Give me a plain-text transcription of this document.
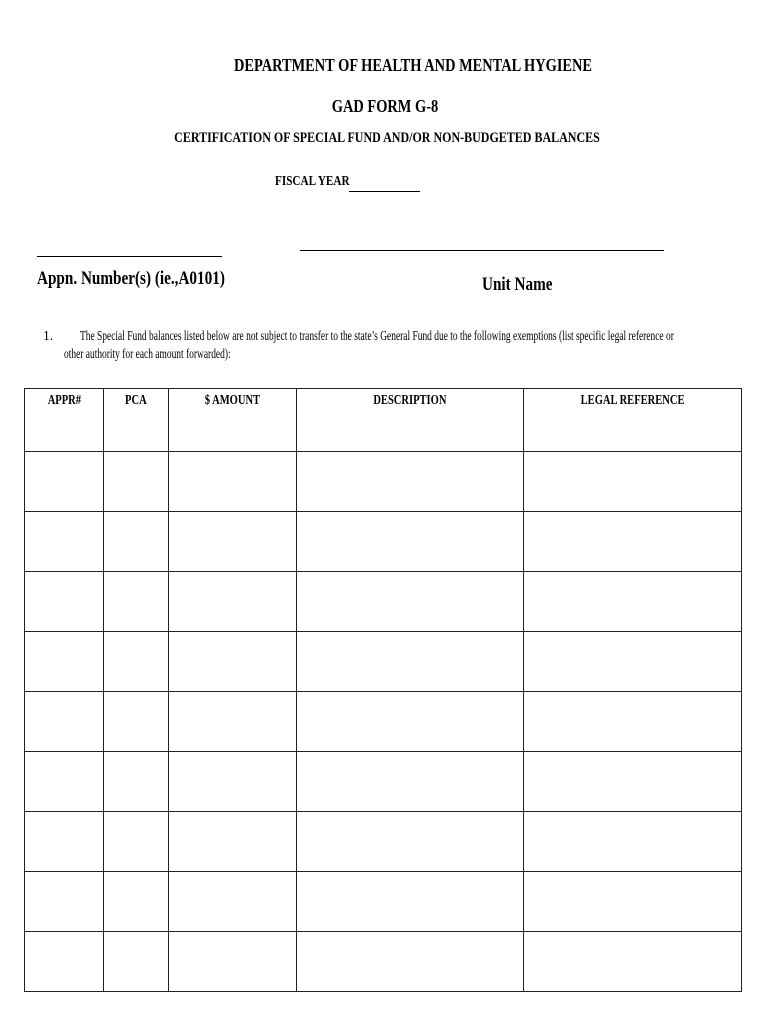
DEPARTMENT OF HEALTH AND MENTAL HYGIENE
GAD FORM G-8
CERTIFICATION OF SPECIAL FUND AND/OR NON-BUDGETED BALANCES
FISCAL YEAR
Appn. Number(s) (ie.,A0101)	Unit Name
1. The Special Fund balances listed below are not subject to transfer to the state’s General Fund due to the following exemptions (list specific legal reference or
other authority for each amount forwarded):
APPR#	PCA	$ AMOUNT	DESCRIPTION	LEGAL REFERENCE
